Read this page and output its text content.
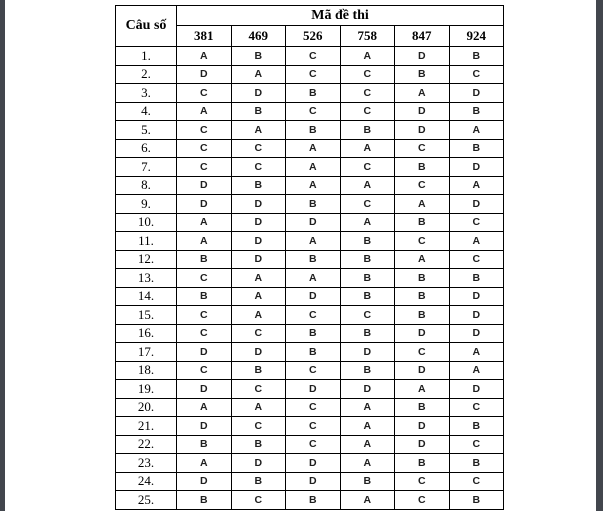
Câu số	Mã đề thi					
	381	469	526	758	847	924
1.	A	B	C	A	D	B
2.	D	A	C	C	B	C
3.	C	D	B	C	A	D
4.	A	B	C	C	D	B
5.	C	A	B	B	D	A
6.	C	C	A	A	C	B
7.	C	C	A	C	B	D
8.	D	B	A	A	C	A
9.	D	D	B	C	A	D
10.	A	D	D	A	B	C
11.	A	D	A	B	C	A
12.	B	D	B	B	A	C
13.	C	A	A	B	B	B
14.	B	A	D	B	B	D
15.	C	A	C	C	B	D
16.	C	C	B	B	D	D
17.	D	D	B	D	C	A
18.	C	B	C	B	D	A
19.	D	C	D	D	A	D
20.	A	A	C	A	B	C
21.	D	C	C	A	D	B
22.	B	B	C	A	D	C
23.	A	D	D	A	B	B
24.	D	B	D	B	C	C
25.	B	C	B	A	C	B
